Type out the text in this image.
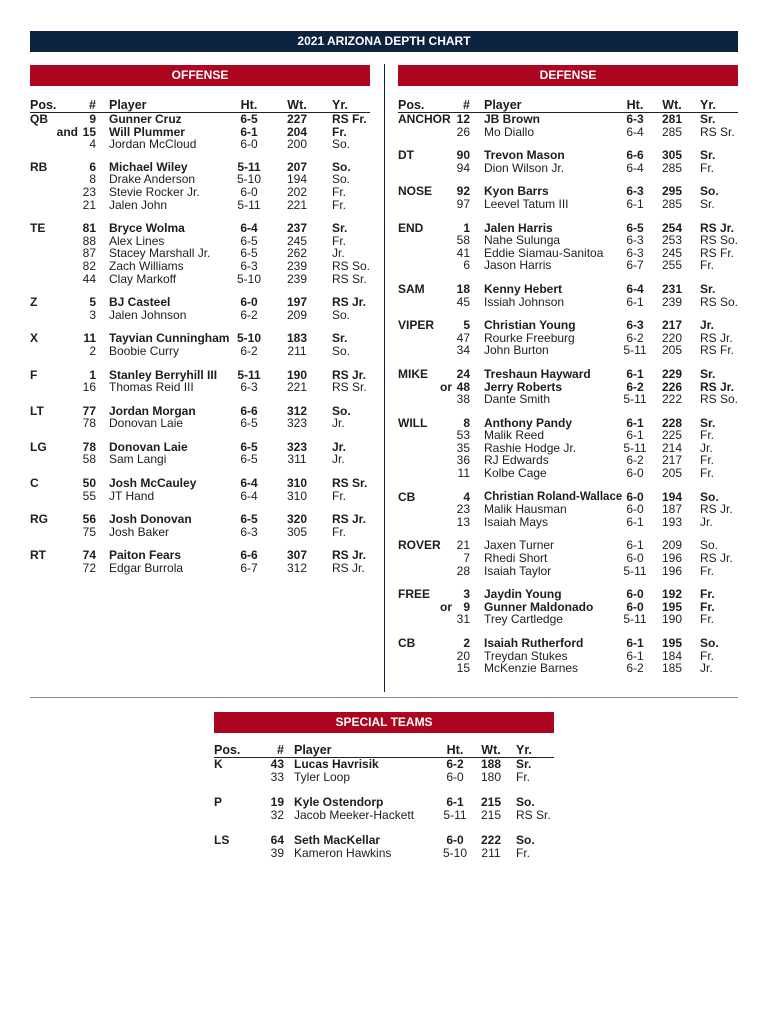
2021 ARIZONA DEPTH CHART
OFFENSE	DEFENSE
Pos.	# Player	Ht.	Wt.	Yr.
QB	9 Gunner Cruz	6-5	227	RS Fr.
and 15 Will Plummer	6-1	204	Fr.
4 Jordan McCloud	6-0	200	So.
RB	6 Michael Wiley	5-11	207	So.
8 Drake Anderson	5-10	194	So.
23 Stevie Rocker Jr.	6-0	202	Fr.
21 Jalen John	5-11	221	Fr.
TE	81 Bryce Wolma	6-4	237	Sr.
88 Alex Lines	6-5	245	Fr.
87 Stacey Marshall Jr.	6-5	262	Jr.
82 Zach Williams	6-3	239	RS So.
44 Clay Markoff	5-10	239	RS Sr.
Z	5 BJ Casteel	6-0	197	RS Jr.
3 Jalen Johnson	6-2	209	So.
X	11 Tayvian Cunningham 5-10	183	Sr.
2 Boobie Curry	6-2	211	So.
F	1 Stanley Berryhill III	5-11	190	RS Jr.
16 Thomas Reid III	6-3	221	RS Sr.
LT	77 Jordan Morgan	6-6	312	So.
78 Donovan Laie	6-5	323	Jr.
LG	78 Donovan Laie	6-5	323	Jr.
58 Sam Langi	6-5	311	Jr.
C	50 Josh McCauley	6-4	310	RS Sr.
55 JT Hand	6-4	310	Fr.
RG	56 Josh Donovan	6-5	320	RS Jr.
75 Josh Baker	6-3	305	Fr.
RT	74 Paiton Fears	6-6	307	RS Jr.
72 Edgar Burrola	6-7	312	RS Jr.
Pos.	# Player	Ht.	Wt.	Yr.
ANCHOR 12 JB Brown	6-3	281	Sr.
26 Mo Diallo	6-4	285	RS Sr.
DT	90 Trevon Mason	6-6	305	Sr.
94 Dion Wilson Jr.	6-4	285	Fr.
NOSE 92 Kyon Barrs	6-3	295	So.
97 Leevel Tatum III	6-1	285	Sr.
END	1 Jalen Harris	6-5	254	RS Jr.
58 Nahe Sulunga	6-3	253	RS So.
41 Eddie Siamau-Sanitoa	6-3	245	RS Fr.
6 Jason Harris	6-7	255	Fr.
SAM	18 Kenny Hebert	6-4	231	Sr.
45 Issiah Johnson	6-1	239	RS So.
VIPER 5 Christian Young	6-3	217	Jr.
47 Rourke Freeburg	6-2	220	RS Jr.
34 John Burton	5-11	205	RS Fr.
MIKE 24 Treshaun Hayward	6-1	229	Sr.
or 48 Jerry Roberts	6-2	226	RS Jr.
38 Dante Smith	5-11	222	RS So.
WILL	8 Anthony Pandy	6-1	228	Sr.
53 Malik Reed	6-1	225	Fr.
35 Rashie Hodge Jr.	5-11	214	Jr.
36 RJ Edwards	6-2	217	Fr.
11 Kolbe Cage	6-0	205	Fr.
CB	4 Christian Roland-Wallace 6-0	194	So.
23 Malik Hausman	6-0	187	RS Jr.
13 Isaiah Mays	6-1	193	Jr.
ROVER 21 Jaxen Turner	6-1	209	So.
7 Rhedi Short	6-0	196	RS Jr.
28 Isaiah Taylor	5-11	196	Fr.
FREE	3 Jaydin Young	6-0	192	Fr.
or 9 Gunner Maldonado	6-0	195	Fr.
31 Trey Cartledge	5-11	190	Fr.
CB	2 Isaiah Rutherford	6-1	195	So.
20 Treydan Stukes	6-1	184	Fr.
15 McKenzie Barnes	6-2	185	Jr.
SPECIAL TEAMS
Pos.	# Player	Ht.	Wt.	Yr.
K	43 Lucas Havrisik	6-2	188	Sr.
33 Tyler Loop	6-0	180	Fr.
P	19 Kyle Ostendorp	6-1	215	So.
32 Jacob Meeker-Hackett	5-11	215	RS Sr.
LS	64 Seth MacKellar	6-0	222	So.
39 Kameron Hawkins	5-10	211	Fr.
